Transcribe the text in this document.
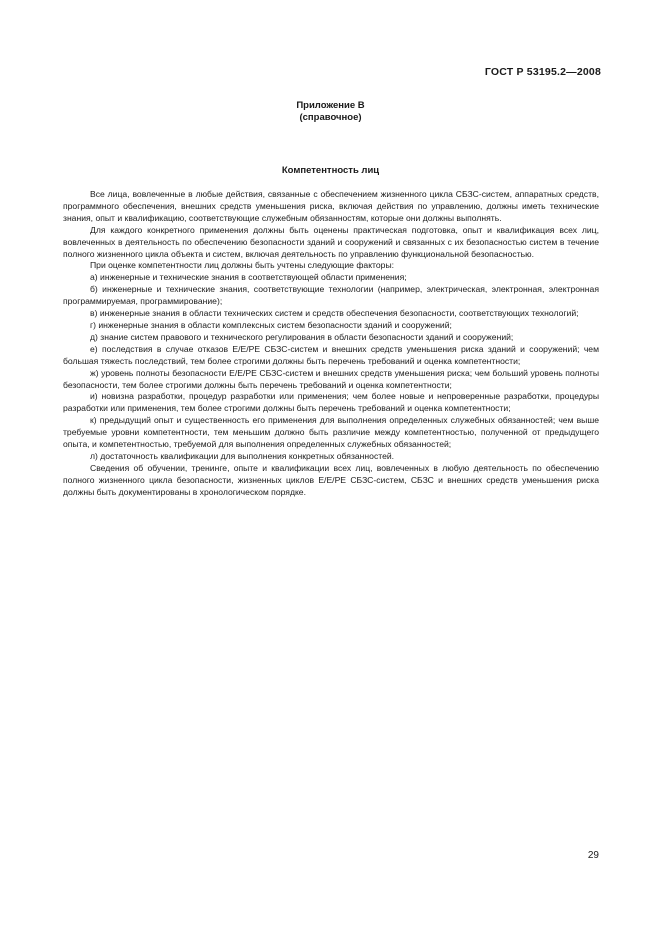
ГОСТ Р 53195.2—2008
Приложение В
(справочное)
Компетентность лиц

Все лица, вовлеченные в любые действия, связанные с обеспечением жизненного цикла СБЗС-систем, аппаратных средств, программного обеспечения, внешних средств уменьшения риска, включая действия по управлению, должны иметь технические знания, опыт и квалификацию, соответствующие служебным обязанностям, которые они должны выполнять.

Для каждого конкретного применения должны быть оценены практическая подготовка, опыт и квалификация всех лиц, вовлеченных в деятельность по обеспечению безопасности зданий и сооружений и связанных с их безопасностью систем в течение полного жизненного цикла объекта и систем, включая деятельность по управлению функциональной безопасностью.

При оценке компетентности лиц должны быть учтены следующие факторы:

а) инженерные и технические знания в соответствующей области применения;

б) инженерные и технические знания, соответствующие технологии (например, электрическая, электронная, электронная программируемая, программирование);

в) инженерные знания в области технических систем и средств обеспечения безопасности, соответствующих технологий;

г) инженерные знания в области комплексных систем безопасности зданий и сооружений;

д) знание систем правового и технического регулирования в области безопасности зданий и сооружений;

е) последствия в случае отказов Е/Е/РЕ СБЗС-систем и внешних средств уменьшения риска зданий и сооружений; чем большая тяжесть последствий, тем более строгими должны быть перечень требований и оценка компетентности;

ж) уровень полноты безопасности Е/Е/РЕ СБЗС-систем и внешних средств уменьшения риска; чем больший уровень полноты безопасности, тем более строгими должны быть перечень требований и оценка компетентности;

и) новизна разработки, процедур разработки или применения; чем более новые и непроверенные разработки, процедуры разработки или применения, тем более строгими должны быть перечень требований и оценка компетентности;

к) предыдущий опыт и существенность его применения для выполнения определенных служебных обязанностей; чем выше требуемые уровни компетентности, тем меньшим должно быть различие между компетентностью, полученной от предыдущего опыта, и компетентностью, требуемой для выполнения определенных служебных обязанностей;

л) достаточность квалификации для выполнения конкретных обязанностей.

Сведения об обучении, тренинге, опыте и квалификации всех лиц, вовлеченных в любую деятельность по обеспечению полного жизненного цикла безопасности, жизненных циклов Е/Е/РЕ СБЗС-систем, СБЗС и внешних средств уменьшения риска должны быть документированы в хронологическом порядке.

29
